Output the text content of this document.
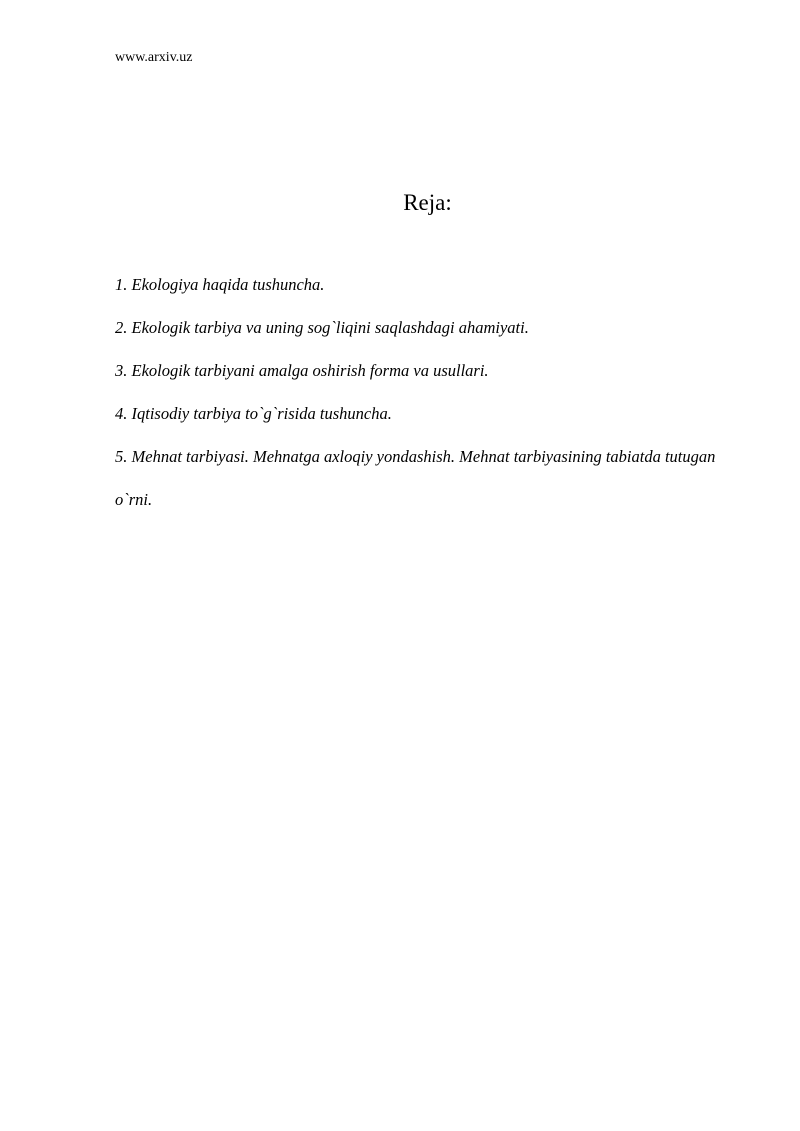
www.arxiv.uz
Reja:
1. Ekologiya haqida tushuncha.
2. Ekologik tarbiya va uning sog`liqini saqlashdagi ahamiyati.
3. Ekologik tarbiyani amalga oshirish forma va usullari.
4. Iqtisodiy tarbiya to`g`risida tushuncha.
5. Mehnat tarbiyasi. Mehnatga axloqiy yondashish. Mehnat tarbiyasining tabiatda tutugan o`rni.
